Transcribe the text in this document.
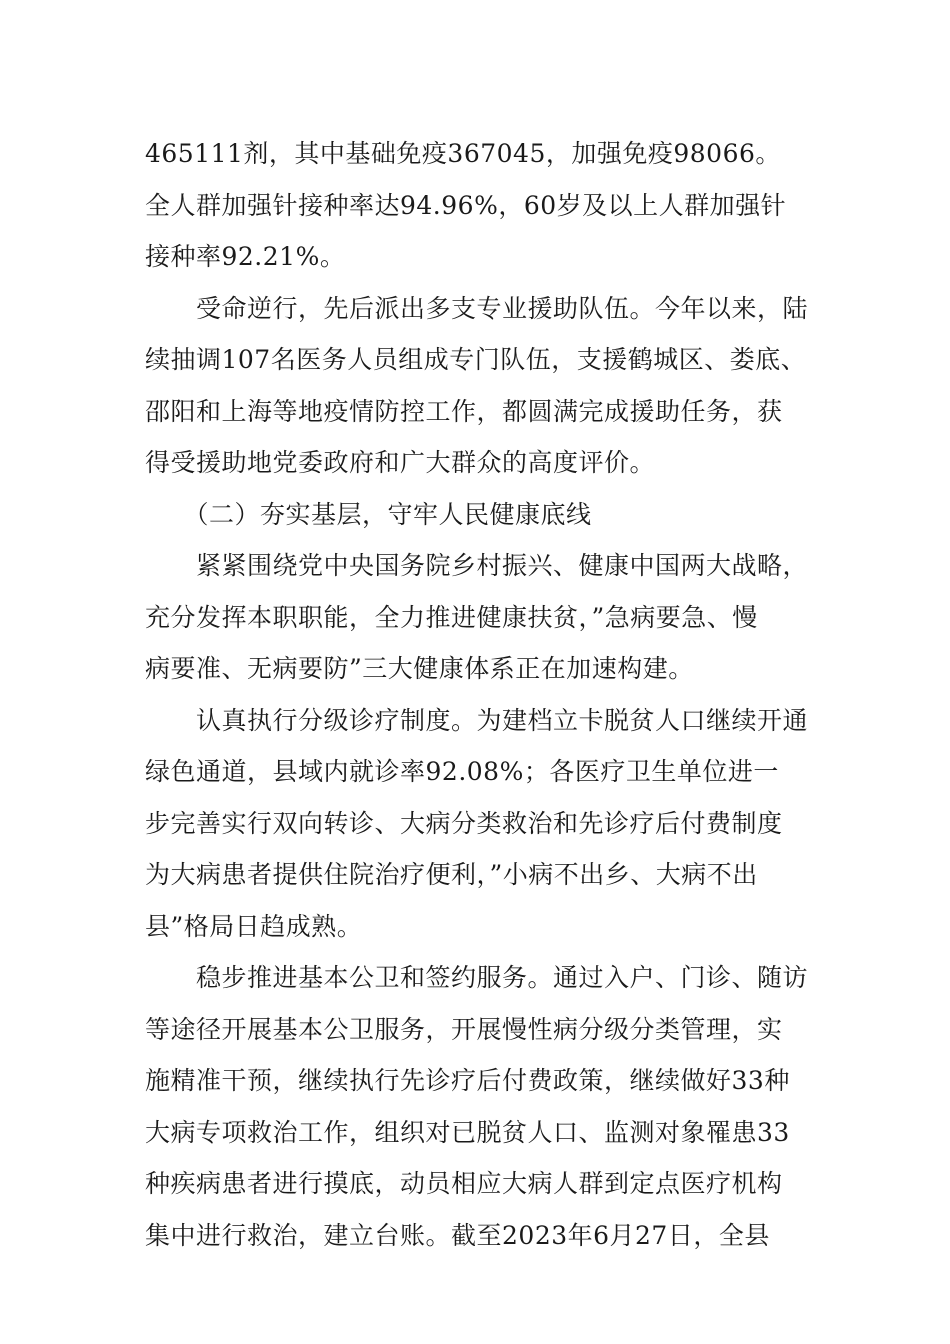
465111剂，其中基础免疫367045，加强免疫98066。
全人群加强针接种率达94.96%，60岁及以上人群加强针
接种率92.21%。
　　受命逆行，先后派出多支专业援助队伍。今年以来，陆
续抽调107名医务人员组成专门队伍，支援鹤城区、娄底、
邵阳和上海等地疫情防控工作，都圆满完成援助任务，获
得受援助地党委政府和广大群众的高度评价。
　　（二）夯实基层，守牢人民健康底线
　　紧紧围绕党中央国务院乡村振兴、健康中国两大战略，
充分发挥本职职能，全力推进健康扶贫，”急病要急、慢
病要准、无病要防”三大健康体系正在加速构建。
　　认真执行分级诊疗制度。为建档立卡脱贫人口继续开通
绿色通道，县域内就诊率92.08%；各医疗卫生单位进一
步完善实行双向转诊、大病分类救治和先诊疗后付费制度
为大病患者提供住院治疗便利，”小病不出乡、大病不出
县”格局日趋成熟。
　　稳步推进基本公卫和签约服务。通过入户、门诊、随访
等途径开展基本公卫服务，开展慢性病分级分类管理，实
施精准干预，继续执行先诊疗后付费政策，继续做好33种
大病专项救治工作，组织对已脱贫人口、监测对象罹患33
种疾病患者进行摸底，动员相应大病人群到定点医疗机构
集中进行救治，建立台账。截至2023年6月27日，全县
